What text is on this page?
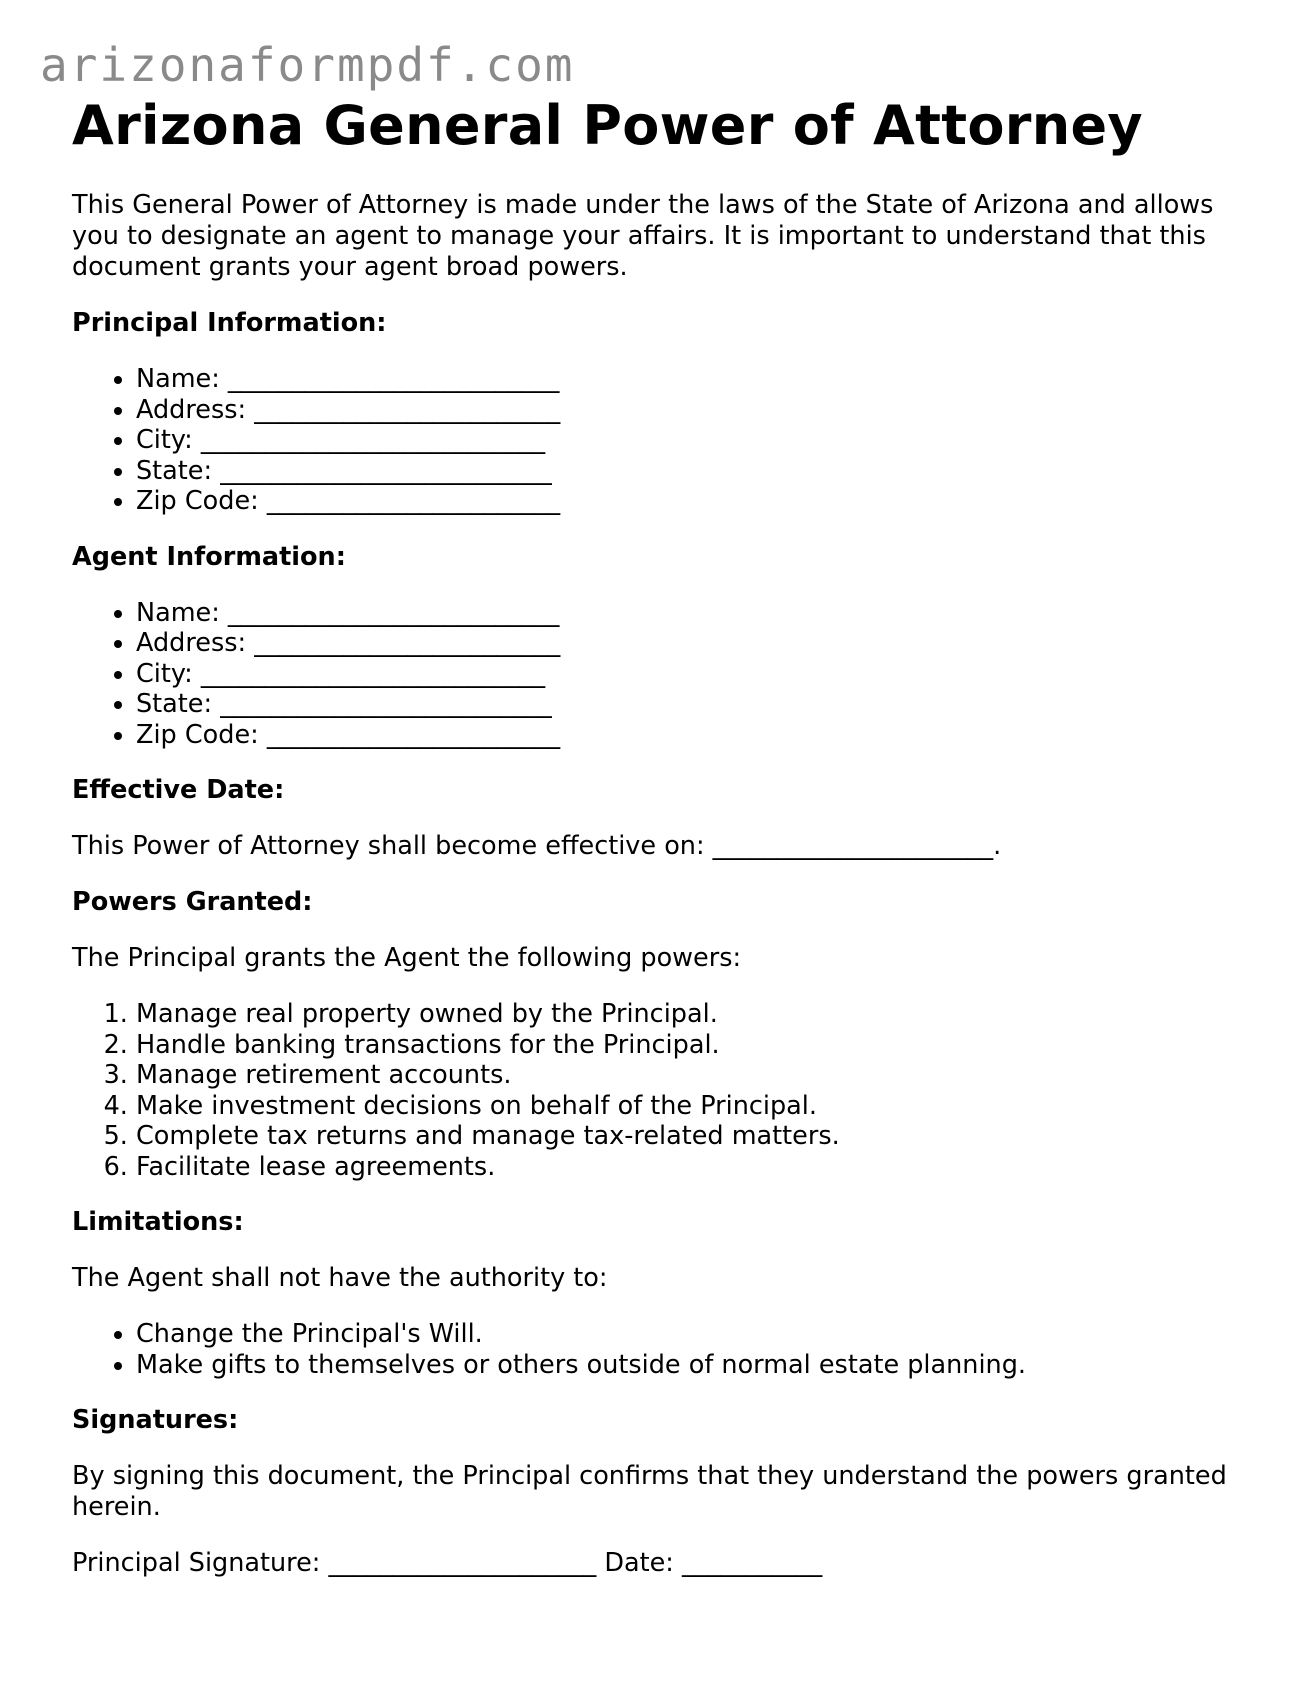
arizonaformpdf.com
Arizona General Power of Attorney

This General Power of Attorney is made under the laws of the State of Arizona and allows you to designate an agent to manage your affairs. It is important to understand that this document grants your agent broad powers.

Principal Information:
• Name: __________________________
• Address: ________________________
• City: ___________________________
• State: __________________________
• Zip Code: _______________________
Agent Information:
• Name: __________________________
• Address: ________________________
• City: ___________________________
• State: __________________________
• Zip Code: _______________________
Effective Date:

This Power of Attorney shall become effective on: ______________________.

Powers Granted:

The Principal grants the Agent the following powers:

1. Manage real property owned by the Principal.
2. Handle banking transactions for the Principal.
3. Manage retirement accounts.
4. Make investment decisions on behalf of the Principal.
5. Complete tax returns and manage tax-related matters.
6. Facilitate lease agreements.
Limitations:

The Agent shall not have the authority to:

• Change the Principal's Will.
• Make gifts to themselves or others outside of normal estate planning.
Signatures:

By signing this document, the Principal confirms that they understand the powers granted herein.

Principal Signature: _____________________ Date: ___________
